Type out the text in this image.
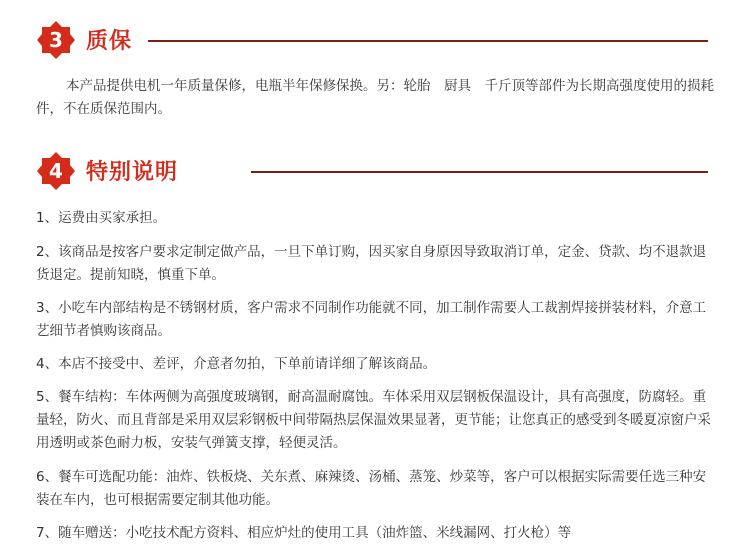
3	质保
本产品提供电机一年质量保修，电瓶半年保修保换。另：轮胎　厨具　千斤顶等部件为长期高强度使用的损耗件，不在质保范围内。
4	特别说明
1、运费由买家承担。
2、该商品是按客户要求定制定做产品，一旦下单订购，因买家自身原因导致取消订单，定金、贷款、均不退款退货退定。提前知晓，慎重下单。
3、小吃车内部结构是不锈钢材质，客户需求不同制作功能就不同，加工制作需要人工裁割焊接拼装材料，介意工艺细节者慎购该商品。
4、本店不接受中、差评，介意者勿拍，下单前请详细了解该商品。
5、餐车结构：车体两侧为高强度玻璃钢，耐高温耐腐蚀。车体采用双层钢板保温设计，具有高强度，防腐轻。重量轻，防火、而且背部是采用双层彩钢板中间带隔热层保温效果显著，更节能；让您真正的感受到冬暖夏凉窗户采用透明或茶色耐力板，安装气弹簧支撑，轻便灵活。
6、餐车可选配功能：油炸、铁板烧、关东煮、麻辣烫、汤桶、蒸笼、炒菜等，客户可以根据实际需要任选三种安装在车内，也可根据需要定制其他功能。
7、随车赠送：小吃技术配方资料、相应炉灶的使用工具（油炸篮、米线漏网、打火枪）等
